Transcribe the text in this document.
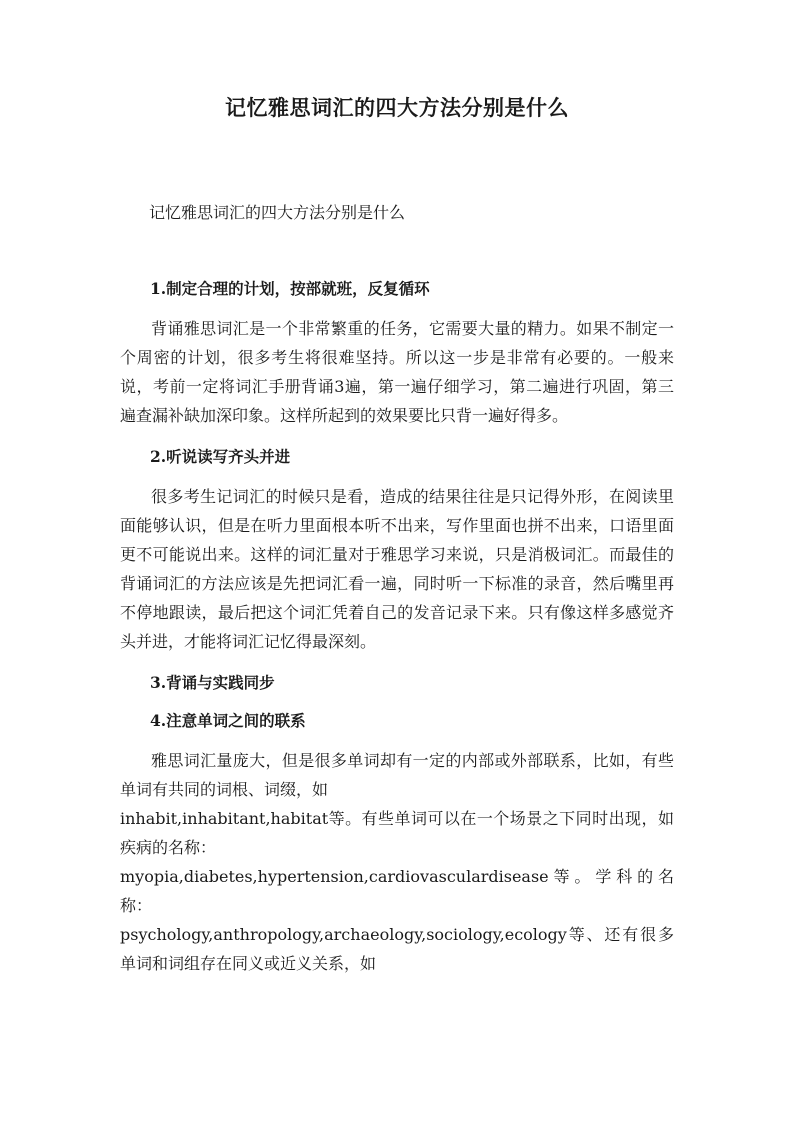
记忆雅思词汇的四大方法分别是什么

记忆雅思词汇的四大方法分别是什么

1.制定合理的计划，按部就班，反复循环

背诵雅思词汇是一个非常繁重的任务，它需要大量的精力。如果不制定一个周密的计划，很多考生将很难坚持。所以这一步是非常有必要的。一般来说，考前一定将词汇手册背诵3遍，第一遍仔细学习，第二遍进行巩固，第三遍查漏补缺加深印象。这样所起到的效果要比只背一遍好得多。

2.听说读写齐头并进

很多考生记词汇的时候只是看，造成的结果往往是只记得外形，在阅读里面能够认识，但是在听力里面根本听不出来，写作里面也拼不出来，口语里面更不可能说出来。这样的词汇量对于雅思学习来说，只是消极词汇。而最佳的背诵词汇的方法应该是先把词汇看一遍，同时听一下标准的录音，然后嘴里再不停地跟读，最后把这个词汇凭着自己的发音记录下来。只有像这样多感觉齐头并进，才能将词汇记忆得最深刻。

3.背诵与实践同步
4.注意单词之间的联系
雅思词汇量庞大，但是很多单词却有一定的内部或外部联系，比如，有些单词有共同的词根、词缀，如
inhabit,inhabitant,habitat等。有些单词可以在一个场景之下同时出现，如疾病的名称：
myopia,diabetes,hypertension,cardiovasculardisease等。学科的名称：
psychology,anthropology,archaeology,sociology,ecology等、还有很多单词和词组存在同义或近义关系，如
